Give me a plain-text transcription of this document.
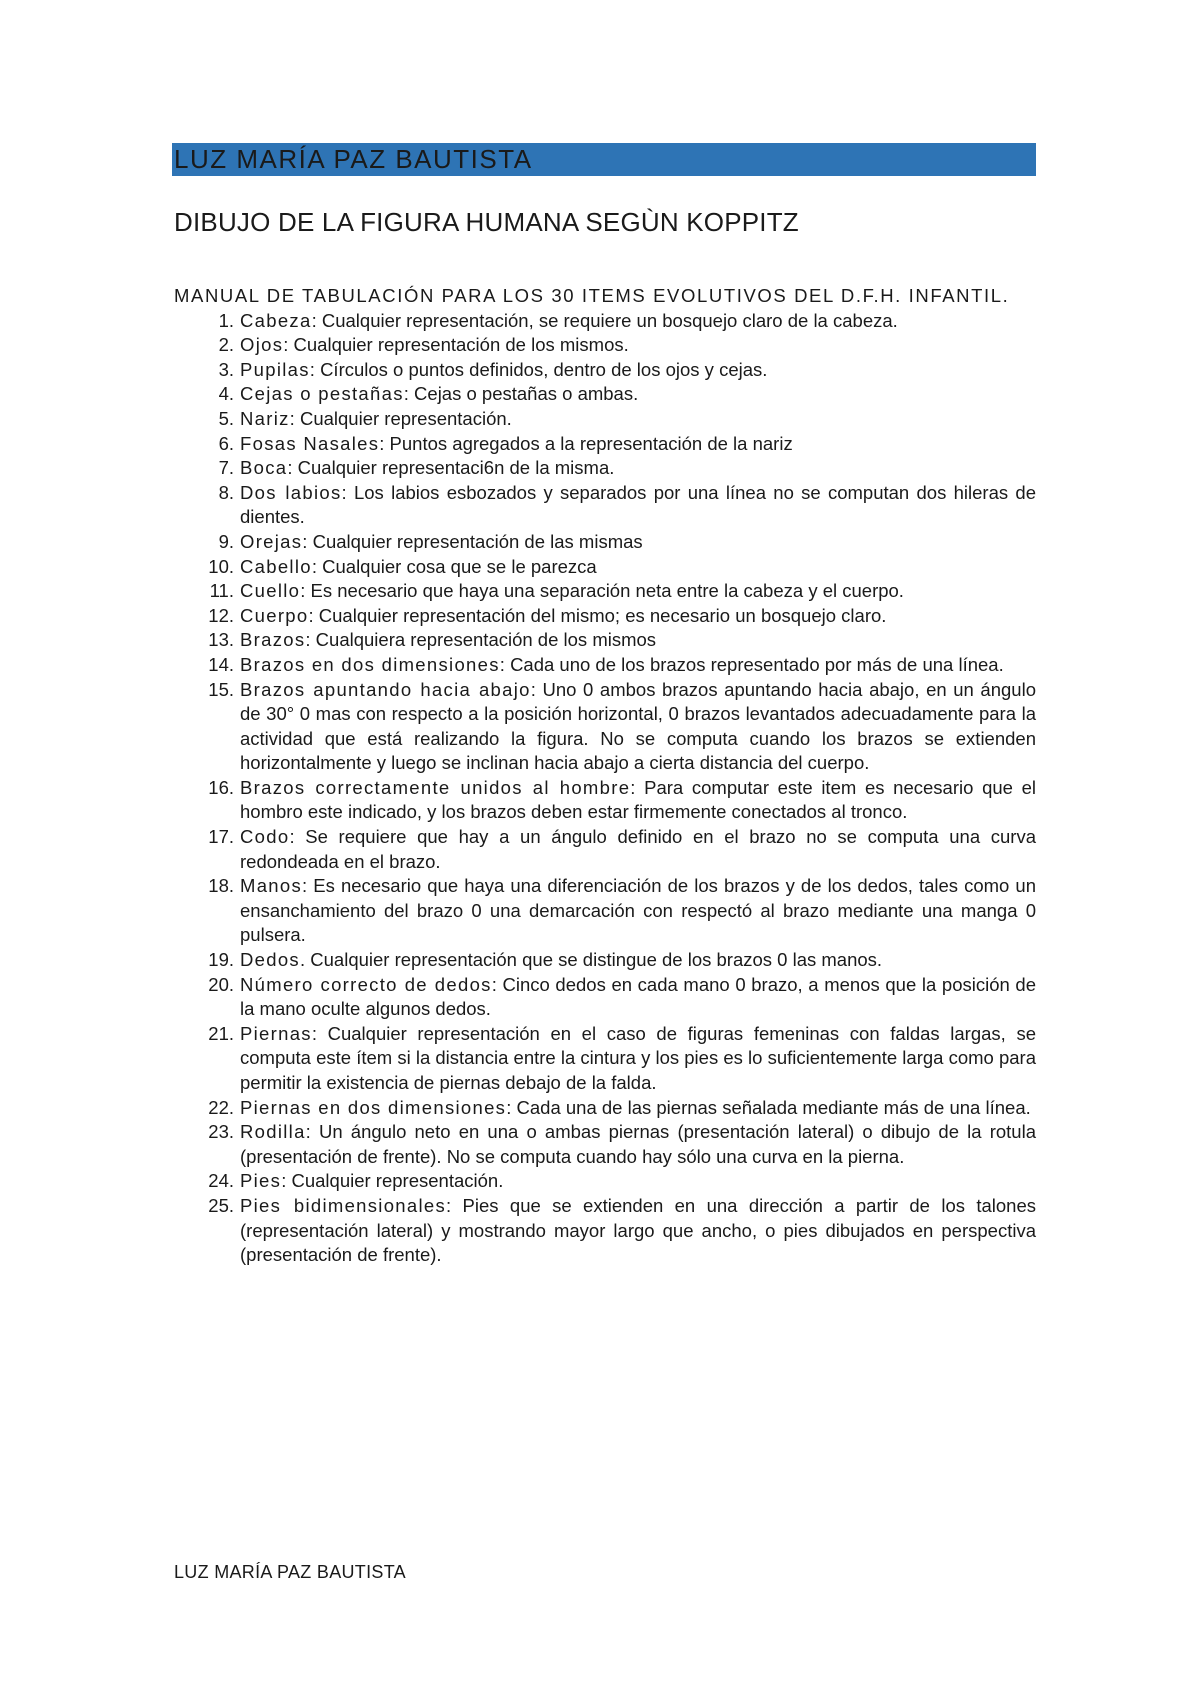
LUZ MARÍA PAZ BAUTISTA
DIBUJO DE LA FIGURA HUMANA SEGÙN KOPPITZ
MANUAL DE TABULACIÓN PARA LOS 30 ITEMS EVOLUTIVOS DEL D.F.H. INFANTIL.
1. Cabeza: Cualquier representación, se requiere un bosquejo claro de la cabeza.
2. Ojos: Cualquier representación de los mismos.
3. Pupilas: Círculos o puntos definidos, dentro de los ojos y cejas.
4. Cejas o pestañas: Cejas o pestañas o ambas.
5. Nariz: Cualquier representación.
6. Fosas Nasales: Puntos agregados a la representación de la nariz
7. Boca: Cualquier representaci6n de la misma.
8. Dos labios: Los labios esbozados y separados por una línea no se computan dos hileras de dientes.
9. Orejas: Cualquier representación de las mismas
10. Cabello: Cualquier cosa que se le parezca
11. Cuello: Es necesario que haya una separación neta entre la cabeza y el cuerpo.
12. Cuerpo: Cualquier representación del mismo; es necesario un bosquejo claro.
13. Brazos: Cualquiera representación de los mismos
14. Brazos en dos dimensiones: Cada uno de los brazos representado por más de una línea.
15. Brazos apuntando hacia abajo: Uno 0 ambos brazos apuntando hacia abajo, en un ángulo de 30° 0 mas con respecto a la posición horizontal, 0 brazos levantados adecuadamente para la actividad que está realizando la figura. No se computa cuando los brazos se extienden horizontalmente y luego se inclinan hacia abajo a cierta distancia del cuerpo.
16. Brazos correctamente unidos al hombre: Para computar este item es necesario que el hombro este indicado, y los brazos deben estar firmemente conectados al tronco.
17. Codo: Se requiere que hay a un ángulo definido en el brazo no se computa una curva redondeada en el brazo.
18. Manos: Es necesario que haya una diferenciación de los brazos y de los dedos, tales como un ensanchamiento del brazo 0 una demarcación con respectó al brazo mediante una manga 0 pulsera.
19. Dedos. Cualquier representación que se distingue de los brazos 0 las manos.
20. Número correcto de dedos: Cinco dedos en cada mano 0 brazo, a menos que la posición de la mano oculte algunos dedos.
21. Piernas: Cualquier representación en el caso de figuras femeninas con faldas largas, se computa este ítem si la distancia entre la cintura y los pies es lo suficientemente larga como para permitir la existencia de piernas debajo de la falda.
22. Piernas en dos dimensiones: Cada una de las piernas señalada mediante más de una línea.
23. Rodilla: Un ángulo neto en una o ambas piernas (presentación lateral) o dibujo de la rotula (presentación de frente). No se computa cuando hay sólo una curva en la pierna.
24. Pies: Cualquier representación.
25. Pies bidimensionales: Pies que se extienden en una dirección a partir de los talones (representación lateral) y mostrando mayor largo que ancho, o pies dibujados en perspectiva (presentación de frente).
LUZ MARÍA PAZ BAUTISTA
